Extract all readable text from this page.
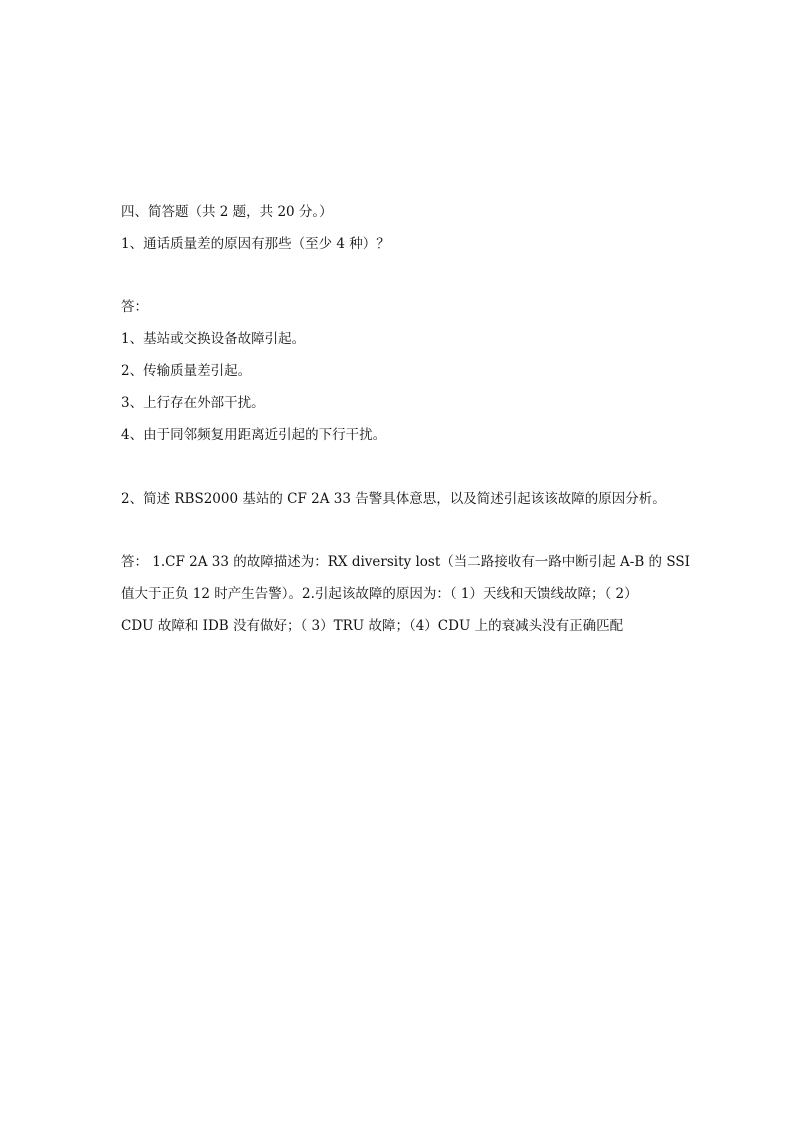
四、简答题（共 2 题，共 20 分。）
1、通话质量差的原因有那些（至少 4 种）？
答：
1、基站或交换设备故障引起。
2、传输质量差引起。
3、上行存在外部干扰。
4、由于同邻频复用距离近引起的下行干扰。
2、简述 RBS2000 基站的 CF 2A 33 告警具体意思，以及简述引起该该故障的原因分析。
答： 1.CF 2A 33 的故障描述为：RX diversity lost（当二路接收有一路中断引起 A-B 的 SSI
值大于正负 12 时产生告警）。2.引起该故障的原因为：（ 1）天线和天馈线故障；（ 2）
CDU 故障和 IDB 没有做好；（ 3）TRU 故障；（4）CDU 上的衰减头没有正确匹配
